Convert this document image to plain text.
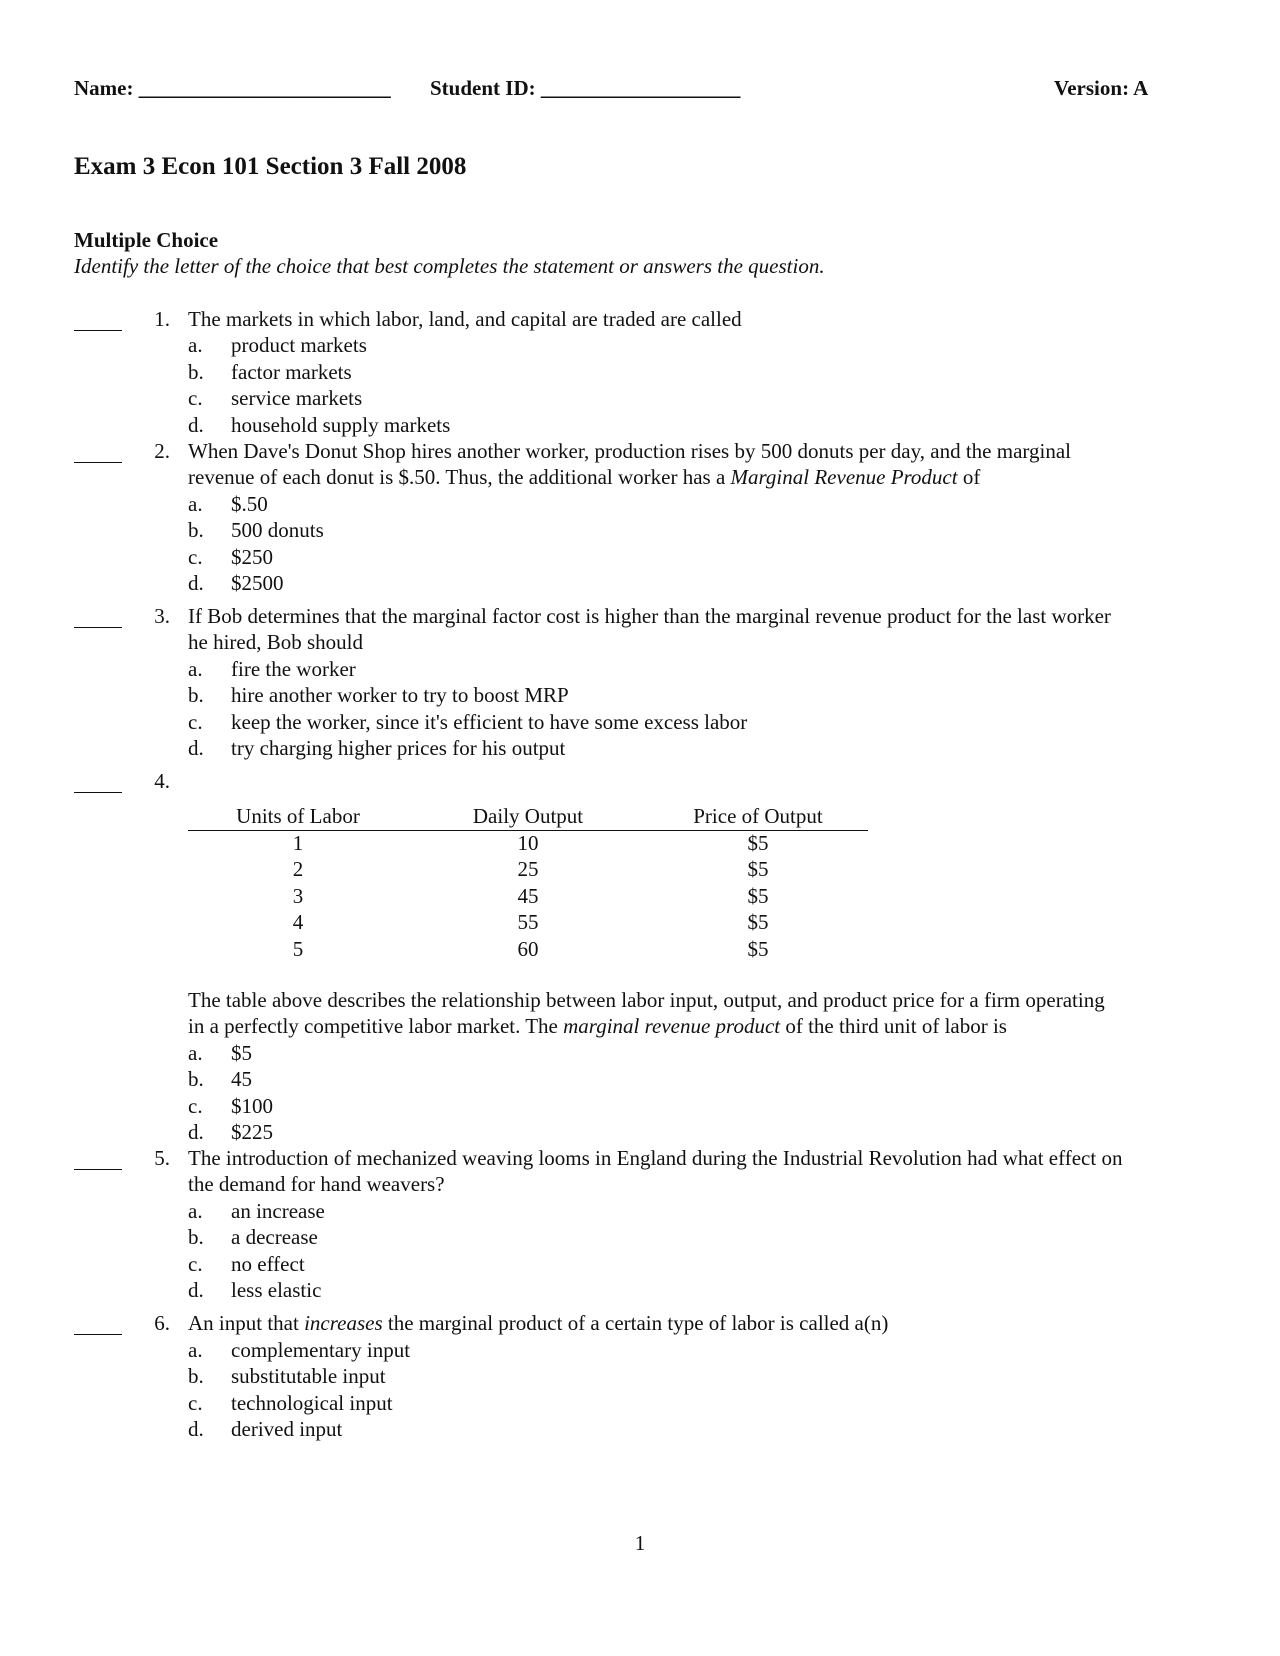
Name: ________________________ Student ID: ___________________	Version: A
Exam 3 Econ 101 Section 3 Fall 2008
Multiple Choice
Identify the letter of the choice that best completes the statement or answers the question.
1. The markets in which labor, land, and capital are traded are called
a. product markets
b. factor markets
c. service markets
d. household supply markets
2. When Dave's Donut Shop hires another worker, production rises by 500 donuts per day, and the marginal
revenue of each donut is $.50. Thus, the additional worker has a Marginal Revenue Product of
a. $.50
b. 500 donuts
c. $250
d. $2500
3. If Bob determines that the marginal factor cost is higher than the marginal revenue product for the last worker
he hired, Bob should
a. fire the worker
b. hire another worker to try to boost MRP
c. keep the worker, since it's efficient to have some excess labor
d. try charging higher prices for his output
4.
Units of Labor	Daily Output	Price of Output
1	10	$5
2	25	$5
3	45	$5
4	55	$5
5	60	$5
The table above describes the relationship between labor input, output, and product price for a firm operating
in a perfectly competitive labor market. The marginal revenue product of the third unit of labor is
a. $5
b. 45
c. $100
d. $225
5. The introduction of mechanized weaving looms in England during the Industrial Revolution had what effect on
the demand for hand weavers?
a. an increase
b. a decrease
c. no effect
d. less elastic
6. An input that increases the marginal product of a certain type of labor is called a(n)
a. complementary input
b. substitutable input
c. technological input
d. derived input
1
